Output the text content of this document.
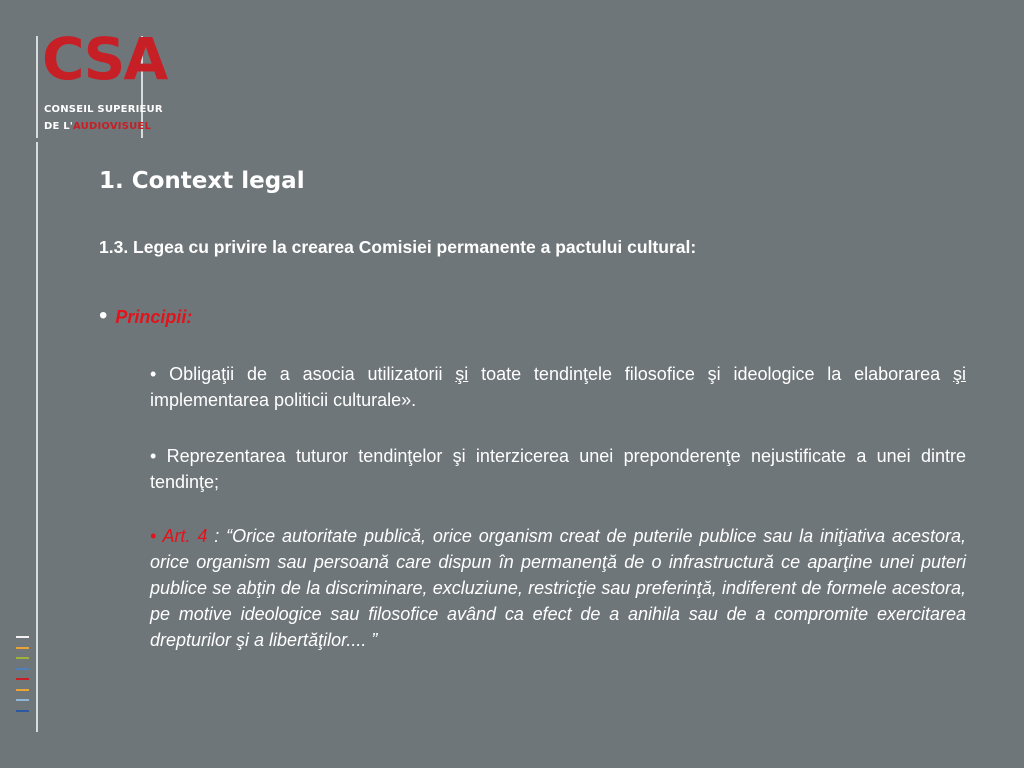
CSA
CONSEIL SUPERIEUR
DE L'AUDIOVISUEL
1. Context legal
1.3. Legea cu privire la crearea Comisiei permanente a pactului cultural:
• Principii:
• Obligaţii de a asocia utilizatorii şi toate tendinţele filosofice şi ideologice la elaborarea şi implementarea politicii culturale».
• Reprezentarea tuturor tendinţelor şi interzicerea unei preponderenţe nejustificate a unei dintre tendinţe;
• Art. 4 : “Orice autoritate publică, orice organism creat de puterile publice sau la iniţiativa acestora, orice organism sau persoană care dispun în permanenţă de o infrastructură ce aparţine unei puteri publice se abţin de la discriminare, excluziune, restricţie sau preferinţă, indiferent de formele acestora, pe motive ideologice sau filosofice având ca efect de a anihila sau de a compromite exercitarea drepturilor şi a libertăţilor.... ”
